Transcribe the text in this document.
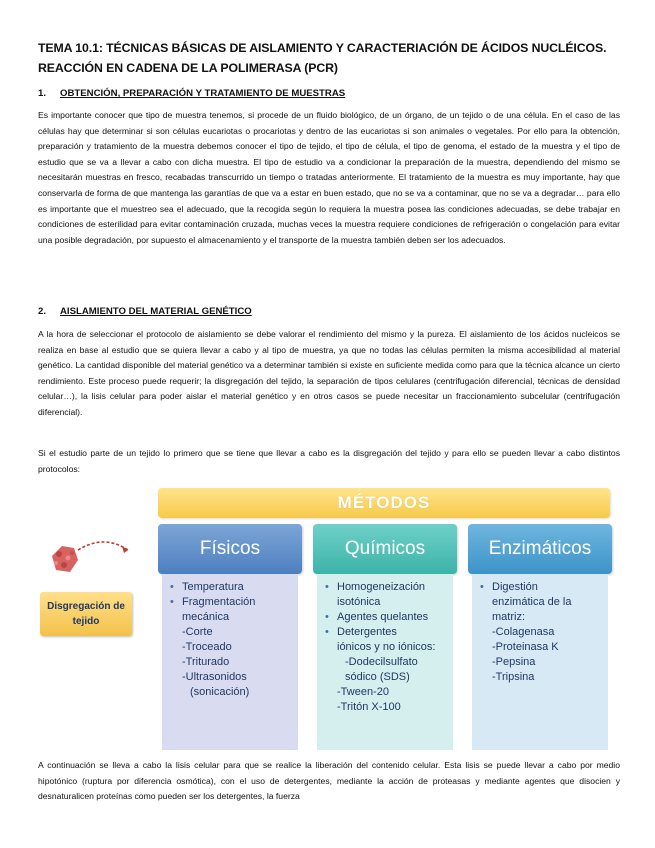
TEMA 10.1: TÉCNICAS BÁSICAS DE AISLAMIENTO Y CARACTERIACIÓN DE ÁCIDOS NUCLÉICOS.
REACCIÓN EN CADENA DE LA POLIMERASA (PCR)
1. OBTENCIÓN, PREPARACIÓN Y TRATAMIENTO DE MUESTRAS
Es importante conocer que tipo de muestra tenemos, si procede de un fluido biológico, de un órgano, de un tejido o de una célula. En el caso de las células hay que determinar si son células eucariotas o procariotas y dentro de las eucariotas si son animales o vegetales. Por ello para la obtención, preparación y tratamiento de la muestra debemos conocer el tipo de tejido, el tipo de célula, el tipo de genoma, el estado de la muestra y el tipo de estudio que se va a llevar a cabo con dicha muestra. El tipo de estudio va a condicionar la preparación de la muestra, dependiendo del mismo se necesitarán muestras en fresco, recabadas transcurrido un tiempo o tratadas anteriormente. El tratamiento de la muestra es muy importante, hay que conservarla de forma de que mantenga las garantías de que va a estar en buen estado, que no se va a contaminar, que no se va a degradar… para ello es importante que el muestreo sea el adecuado, que la recogida según lo requiera la muestra posea las condiciones adecuadas, se debe trabajar en condiciones de esterilidad para evitar contaminación cruzada, muchas veces la muestra requiere condiciones de refrigeración o congelación para evitar una posible degradación, por supuesto el almacenamiento y el transporte de la muestra también deben ser los adecuados.
2. AISLAMIENTO DEL MATERIAL GENÉTICO
A la hora de seleccionar el protocolo de aislamiento se debe valorar el rendimiento del mismo y la pureza. El aislamiento de los ácidos nucleicos se realiza en base al estudio que se quiera llevar a cabo y al tipo de muestra, ya que no todas las células permiten la misma accesibilidad al material genético. La cantidad disponible del material genético va a determinar también si existe en suficiente medida como para que la técnica alcance un cierto rendimiento. Este proceso puede requerir; la disgregación del tejido, la separación de tipos celulares (centrifugación diferencial, técnicas de densidad celular…), la lisis celular para poder aislar el material genético y en otros casos se puede necesitar un fraccionamiento subcelular (centrifugación diferencial).
Si el estudio parte de un tejido lo primero que se tiene que llevar a cabo es la disgregación del tejido y para ello se pueden llevar a cabo distintos protocolos:
MÉTODOS
Disgregación de
tejido
Físicos
• Temperatura
• Fragmentación
mecánica
-Corte
-Troceado
-Triturado
-Ultrasonidos
(sonicación)
Químicos
• Homogeneización
isotónica
• Agentes quelantes
• Detergentes
iónicos y no iónicos:
-Dodecilsulfato
sódico (SDS)
-Tween-20
-Tritón X-100
Enzimáticos
• Digestión
enzimática de la
matriz:
-Colagenasa
-Proteinasa K
-Pepsina
-Tripsina
A continuación se lleva a cabo la lisis celular para que se realice la liberación del contenido celular. Esta lisis se puede llevar a cabo por medio hipotónico (ruptura por diferencia osmótica), con el uso de detergentes, mediante la acción de proteasas y mediante agentes que disocien y desnaturalicen proteínas como pueden ser los detergentes, la fuerza
